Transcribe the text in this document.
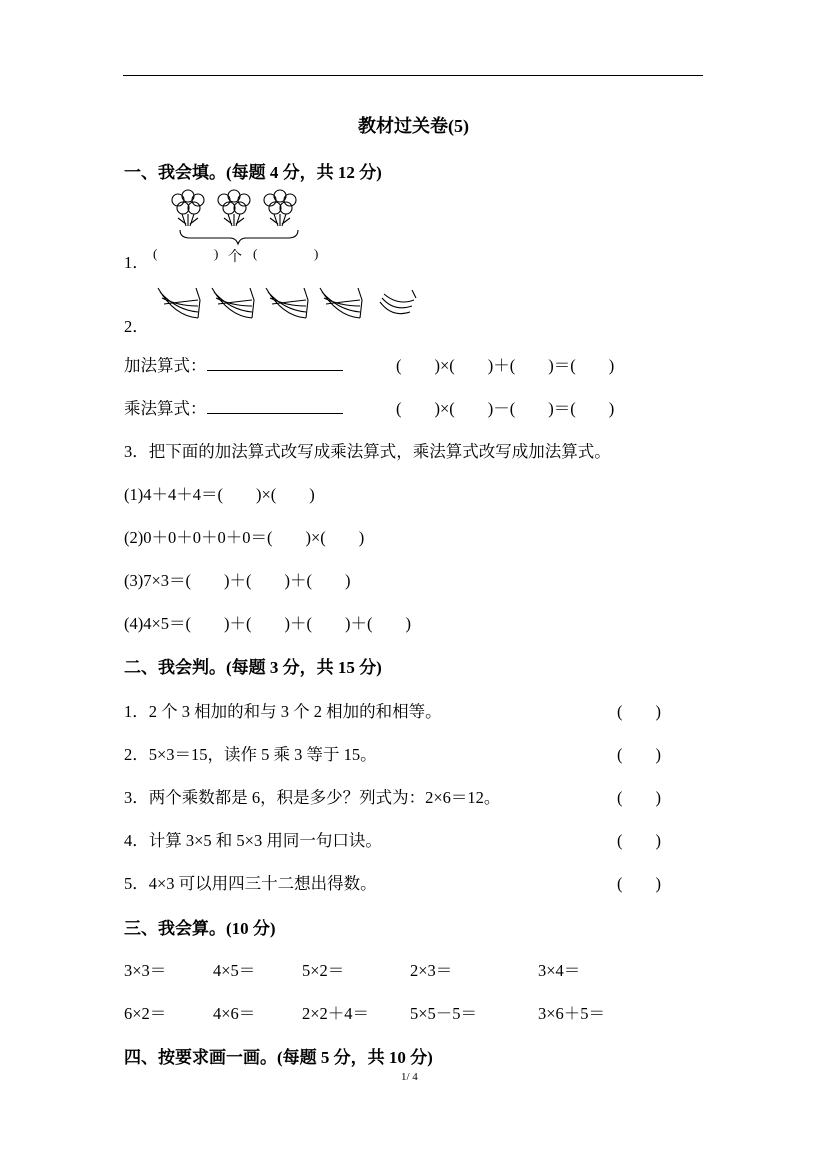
教材过关卷(5)
一、我会填。(每题 4 分，共 12 分)
1． (	) 个 (	)
2．
加法算式：	(　　)×(　　)＋(　　)＝(　　)
乘法算式：	(　　)×(　　)－(　　)＝(　　)
3．把下面的加法算式改写成乘法算式，乘法算式改写成加法算式。
(1)4＋4＋4＝(　　)×(　　)
(2)0＋0＋0＋0＋0＝(　　)×(　　)
(3)7×3＝(　　)＋(　　)＋(　　)
(4)4×5＝(　　)＋(　　)＋(　　)＋(　　)
二、我会判。(每题 3 分，共 15 分)
1．2 个 3 相加的和与 3 个 2 相加的和相等。	(　　)
2．5×3＝15，读作 5 乘 3 等于 15。	(　　)
3．两个乘数都是 6，积是多少？列式为：2×6＝12。	(　　)
4．计算 3×5 和 5×3 用同一句口诀。	(　　)
5．4×3 可以用四三十二想出得数。	(　　)
三、我会算。(10 分)
3×3＝	4×5＝	5×2＝	2×3＝	3×4＝
6×2＝	4×6＝	2×2＋4＝ 5×5－5＝	3×6＋5＝
四、按要求画一画。(每题 5 分，共 10 分)
1/ 4
